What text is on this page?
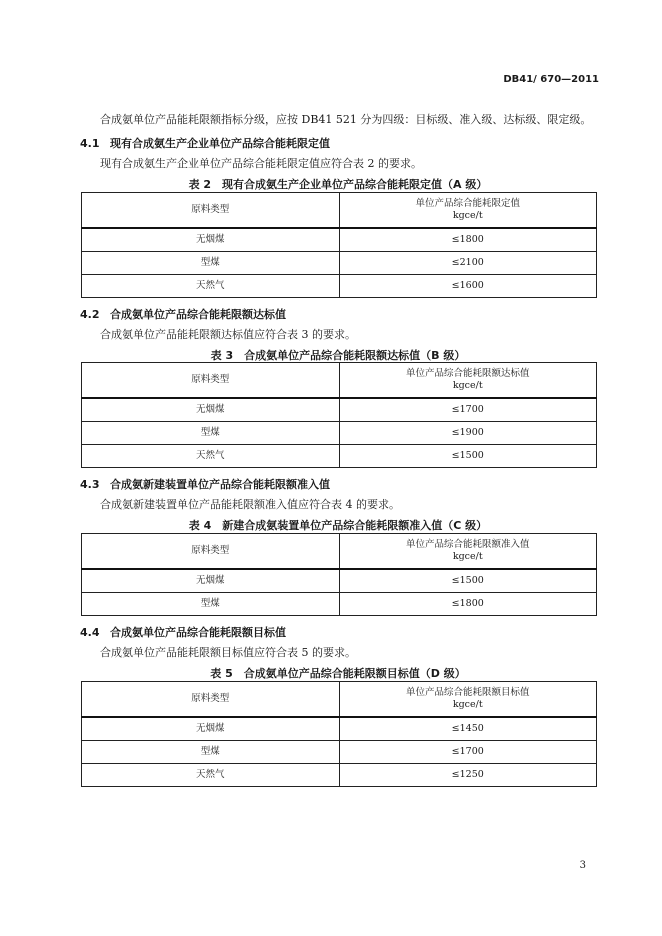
DB41/ 670—2011
合成氨单位产品能耗限额指标分级，应按 DB41 521 分为四级：目标级、准入级、达标级、限定级。
4.1 现有合成氨生产企业单位产品综合能耗限定值
现有合成氨生产企业单位产品综合能耗限定值应符合表 2 的要求。
表 2　现有合成氨生产企业单位产品综合能耗限定值（A 级）
原料类型	单位产品综合能耗限定值
kgce/t
无烟煤	≤1800
型煤	≤2100
天然气	≤1600
4.2 合成氨单位产品综合能耗限额达标值
合成氨单位产品能耗限额达标值应符合表 3 的要求。
表 3　合成氨单位产品综合能耗限额达标值（B 级）
原料类型	单位产品综合能耗限额达标值
kgce/t
无烟煤	≤1700
型煤	≤1900
天然气	≤1500
4.3 合成氨新建装置单位产品综合能耗限额准入值
合成氨新建装置单位产品能耗限额准入值应符合表 4 的要求。
表 4　新建合成氨装置单位产品综合能耗限额准入值（C 级）
原料类型	单位产品综合能耗限额准入值
kgce/t
无烟煤	≤1500
型煤	≤1800
4.4 合成氨单位产品综合能耗限额目标值
合成氨单位产品能耗限额目标值应符合表 5 的要求。
表 5　合成氨单位产品综合能耗限额目标值（D 级）
原料类型	单位产品综合能耗限额目标值
kgce/t
无烟煤	≤1450
型煤	≤1700
天然气	≤1250
3
